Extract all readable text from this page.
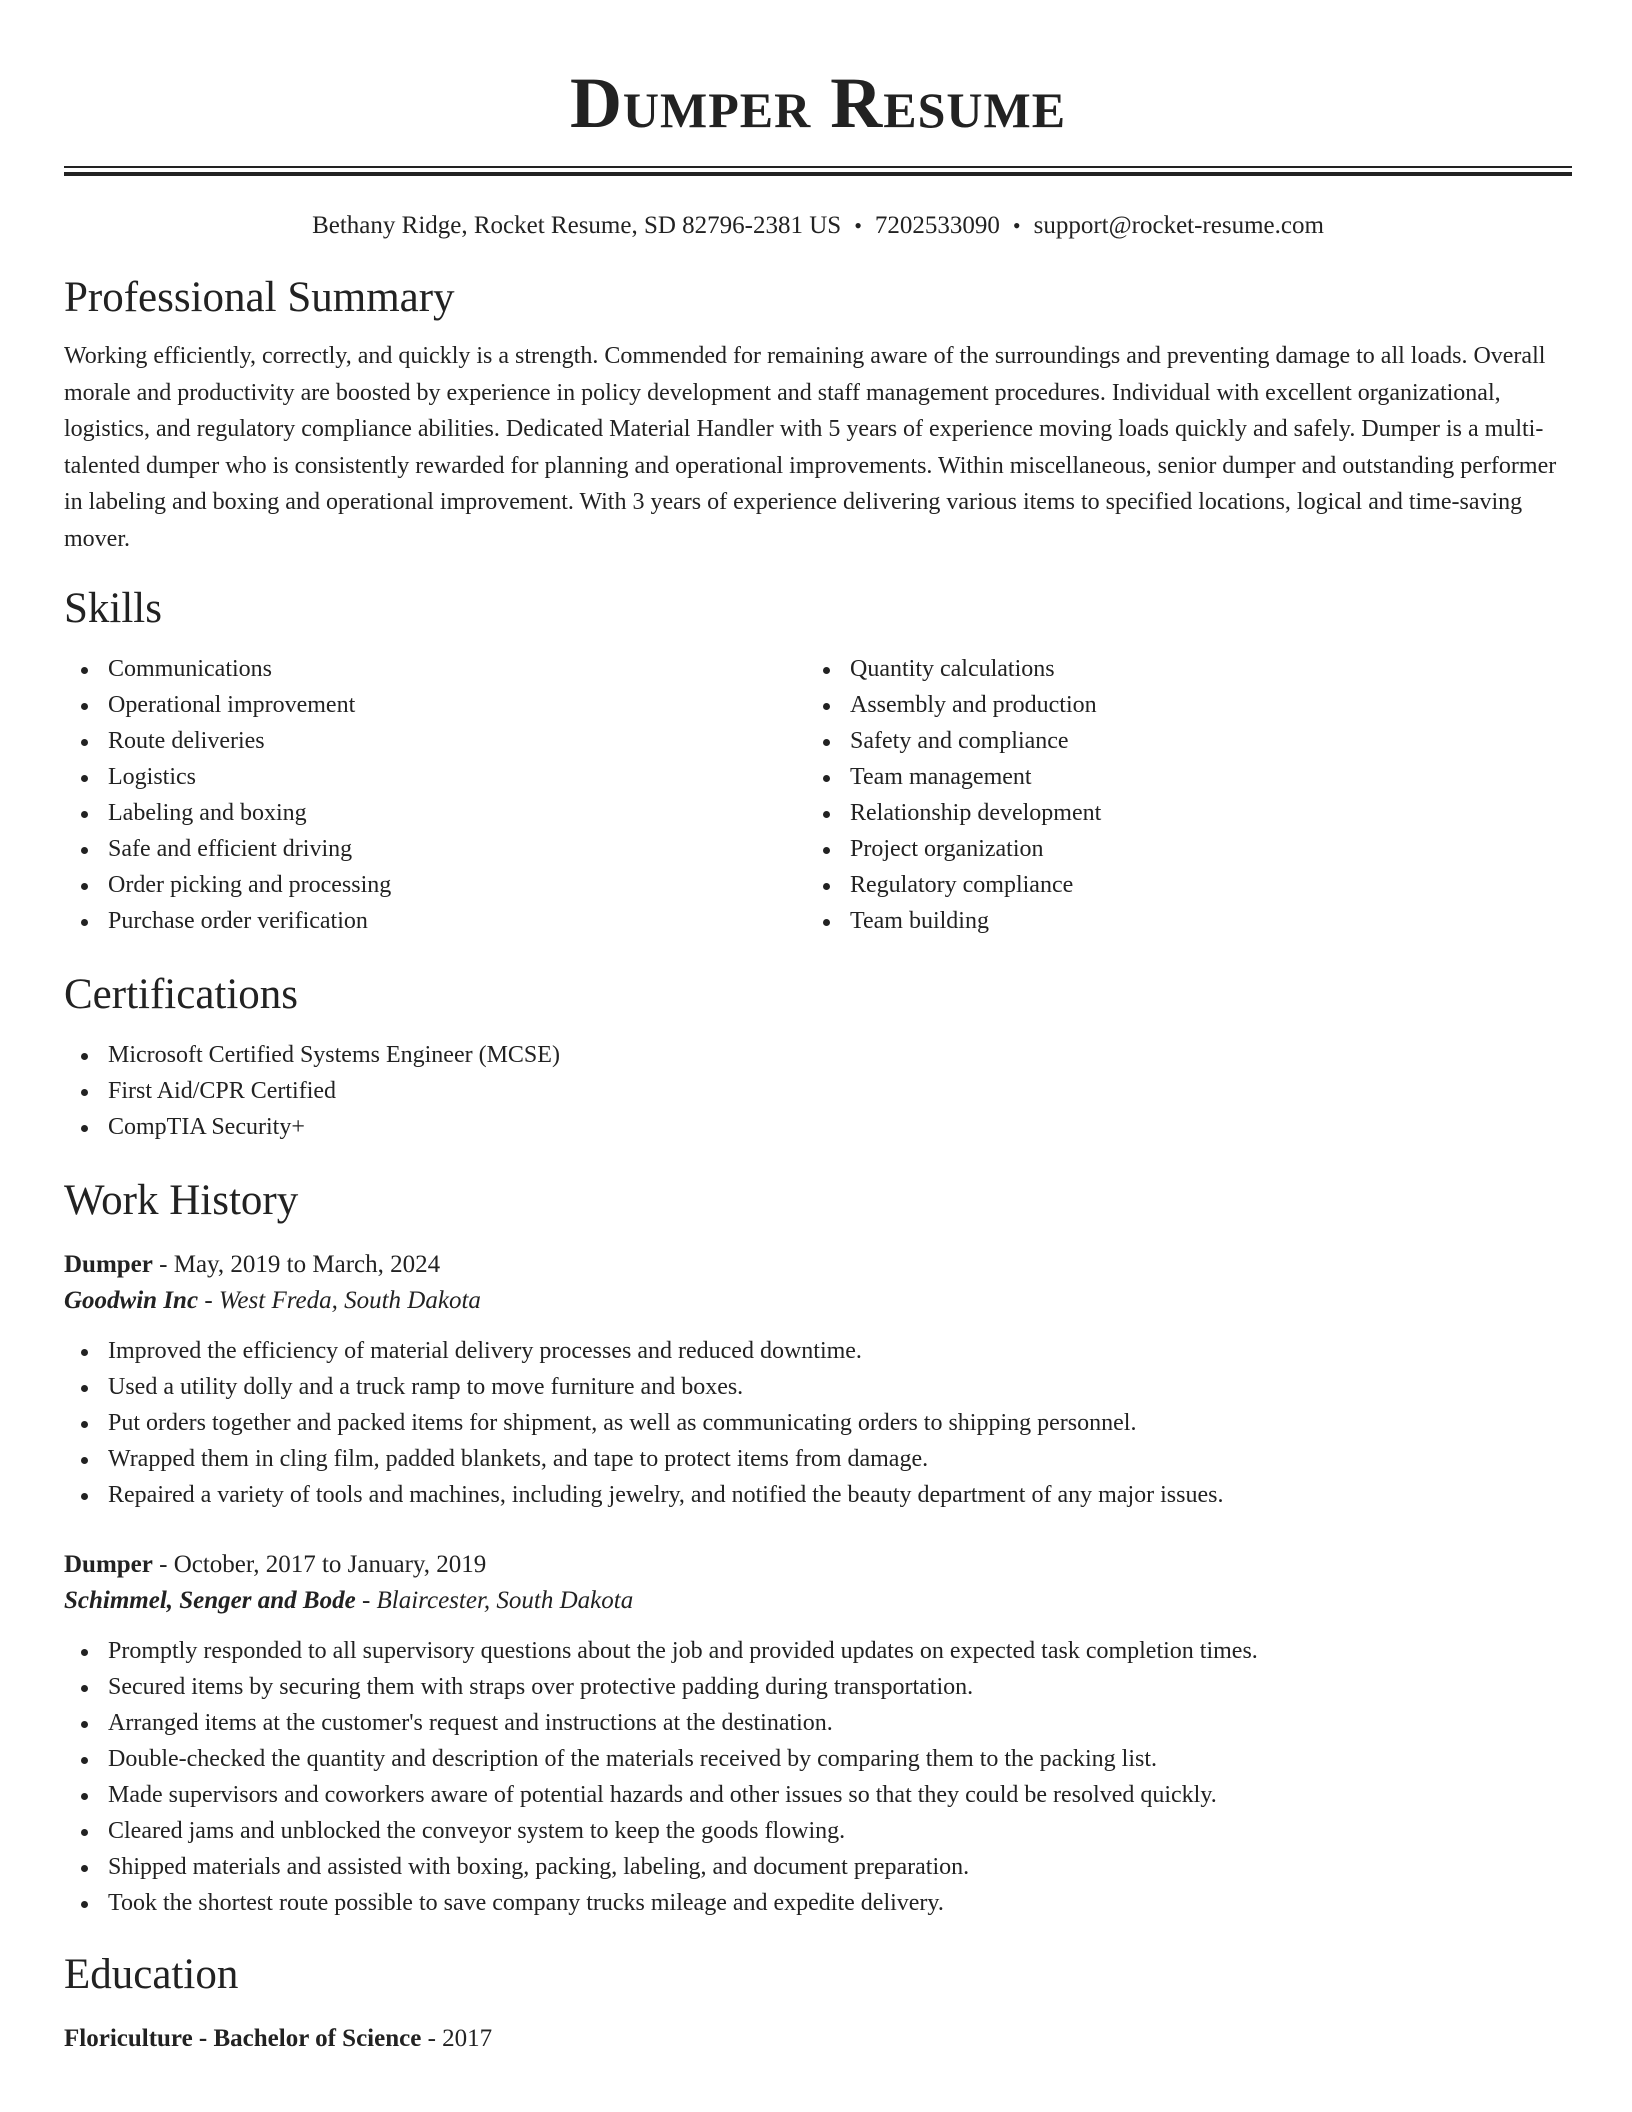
Dumper Resume
Bethany Ridge, Rocket Resume, SD 82796-2381 US • 7202533090 • support@rocket-resume.com
Professional Summary
Working efficiently, correctly, and quickly is a strength. Commended for remaining aware of the surroundings and preventing damage to all loads. Overall morale and productivity are boosted by experience in policy development and staff management procedures. Individual with excellent organizational, logistics, and regulatory compliance abilities. Dedicated Material Handler with 5 years of experience moving loads quickly and safely. Dumper is a multi-talented dumper who is consistently rewarded for planning and operational improvements. Within miscellaneous, senior dumper and outstanding performer in labeling and boxing and operational improvement. With 3 years of experience delivering various items to specified locations, logical and time-saving mover.
Skills
Communications
Operational improvement
Route deliveries
Logistics
Labeling and boxing
Safe and efficient driving
Order picking and processing
Purchase order verification
Quantity calculations
Assembly and production
Safety and compliance
Team management
Relationship development
Project organization
Regulatory compliance
Team building
Certifications
Microsoft Certified Systems Engineer (MCSE)
First Aid/CPR Certified
CompTIA Security+
Work History
Dumper - May, 2019 to March, 2024
Goodwin Inc - West Freda, South Dakota
Improved the efficiency of material delivery processes and reduced downtime.
Used a utility dolly and a truck ramp to move furniture and boxes.
Put orders together and packed items for shipment, as well as communicating orders to shipping personnel.
Wrapped them in cling film, padded blankets, and tape to protect items from damage.
Repaired a variety of tools and machines, including jewelry, and notified the beauty department of any major issues.
Dumper - October, 2017 to January, 2019
Schimmel, Senger and Bode - Blaircester, South Dakota
Promptly responded to all supervisory questions about the job and provided updates on expected task completion times.
Secured items by securing them with straps over protective padding during transportation.
Arranged items at the customer's request and instructions at the destination.
Double-checked the quantity and description of the materials received by comparing them to the packing list.
Made supervisors and coworkers aware of potential hazards and other issues so that they could be resolved quickly.
Cleared jams and unblocked the conveyor system to keep the goods flowing.
Shipped materials and assisted with boxing, packing, labeling, and document preparation.
Took the shortest route possible to save company trucks mileage and expedite delivery.
Education
Floriculture - Bachelor of Science - 2017
